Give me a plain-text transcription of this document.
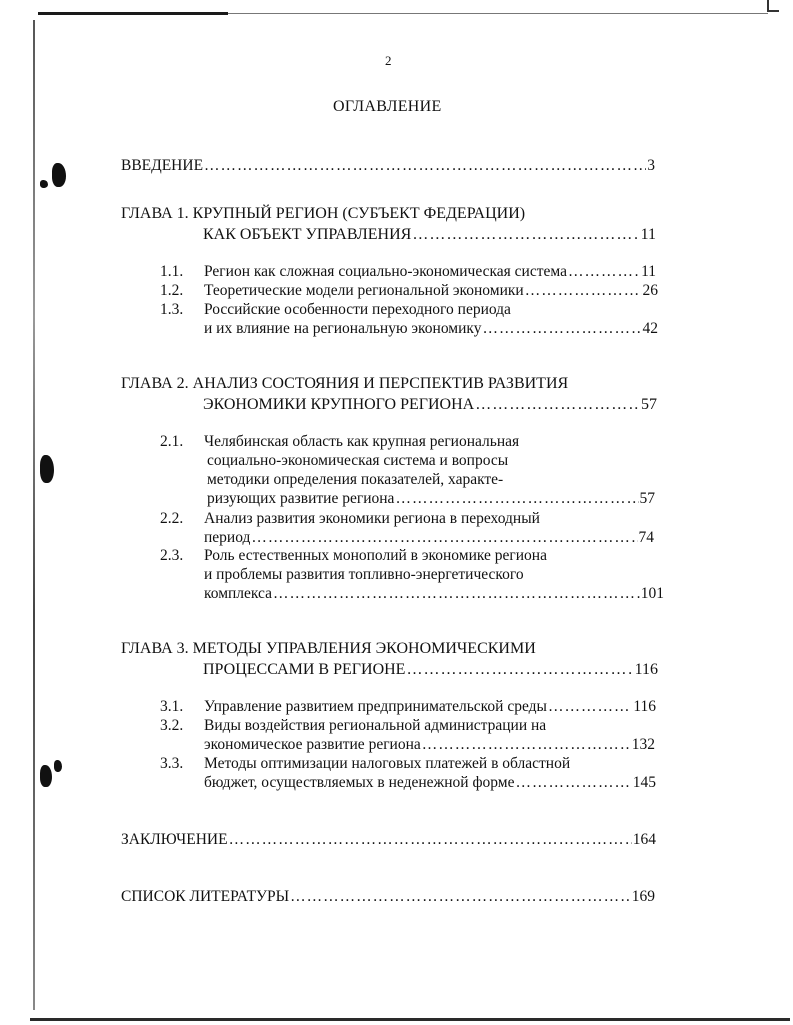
2
ОГЛАВЛЕНИЕ
ВВЕДЕНИЕ ………………………………………………………………………………………………………………………………	3
ГЛАВА 1. КРУПНЫЙ РЕГИОН (СУБЪЕКТ ФЕДЕРАЦИИ)
КАК ОБЪЕКТ УПРАВЛЕНИЯ ………………………………………………………………………………………………………………………………	11
1.1. Регион как сложная социально-экономическая система ………………………………………………………………………………………………………………………………	11
1.2. Теоретические модели региональной экономики ………………………………………………………………………………………………………………………………	26
1.3. Российские особенности переходного периода
и их влияние на региональную экономику ………………………………………………………………………………………………………………………………	42
ГЛАВА 2. АНАЛИЗ СОСТОЯНИЯ И ПЕРСПЕКТИВ РАЗВИТИЯ
ЭКОНОМИКИ КРУПНОГО РЕГИОНА ………………………………………………………………………………………………………………………………	57
2.1. Челябинская область как крупная региональная
социально-экономическая система и вопросы
методики определения показателей, характе-
ризующих развитие региона ………………………………………………………………………………………………………………………………	57
2.2. Анализ развития экономики региона в переходный
период ………………………………………………………………………………………………………………………………	74
2.3. Роль естественных монополий в экономике региона
и проблемы развития топливно-энергетического
комплекса ………………………………………………………………………………………………………………………………	101
ГЛАВА 3. МЕТОДЫ УПРАВЛЕНИЯ ЭКОНОМИЧЕСКИМИ
ПРОЦЕССАМИ В РЕГИОНЕ ………………………………………………………………………………………………………………………………	116
3.1. Управление развитием предпринимательской среды ………………………………………………………………………………………………………………………………	116
3.2. Виды воздействия региональной администрации на
экономическое развитие региона ………………………………………………………………………………………………………………………………	132
3.3. Методы оптимизации налоговых платежей в областной
бюджет, осуществляемых в неденежной форме ………………………………………………………………………………………………………………………………	145
ЗАКЛЮЧЕНИЕ ………………………………………………………………………………………………………………………………	164
СПИСОК ЛИТЕРАТУРЫ ………………………………………………………………………………………………………………………………	169
